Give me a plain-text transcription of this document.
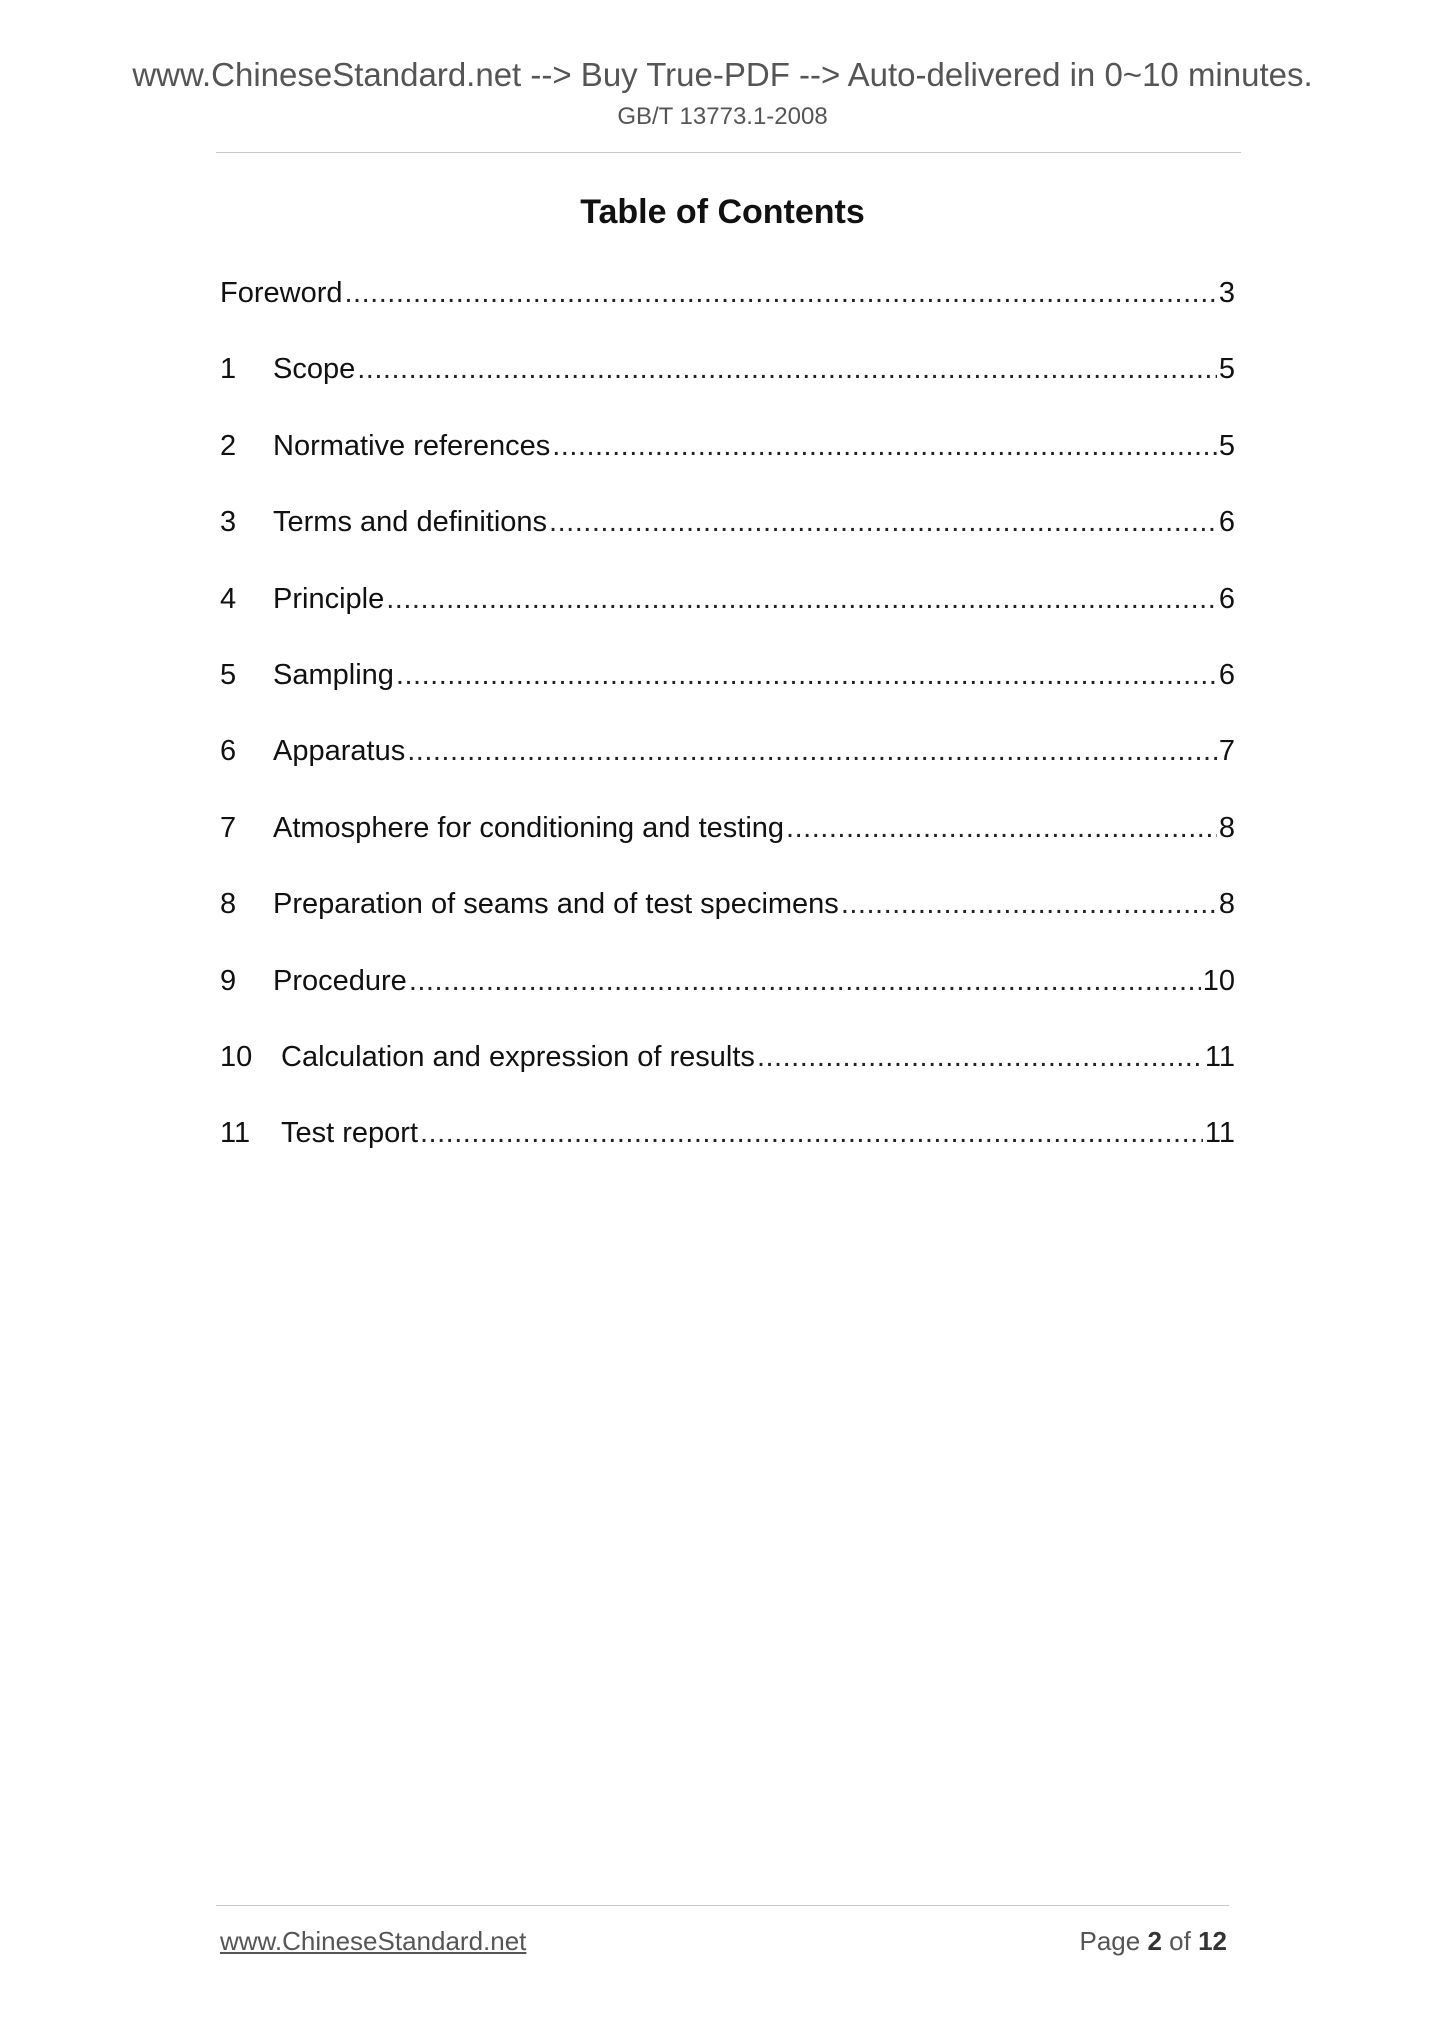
www.ChineseStandard.net --> Buy True-PDF --> Auto-delivered in 0~10 minutes.
GB/T 13773.1-2008
Table of Contents
Foreword .....	3
1	Scope .....	5
2	Normative references .....	5
3	Terms and definitions .....	6
4	Principle .....	6
5	Sampling .....	6
6	Apparatus .....	7
7	Atmosphere for conditioning and testing .....	8
8	Preparation of seams and of test specimens .....	8
9	Procedure .....	10
10 Calculation and expression of results .....	11
11	Test report .....	11
www.ChineseStandard.net	Page 2 of 12
